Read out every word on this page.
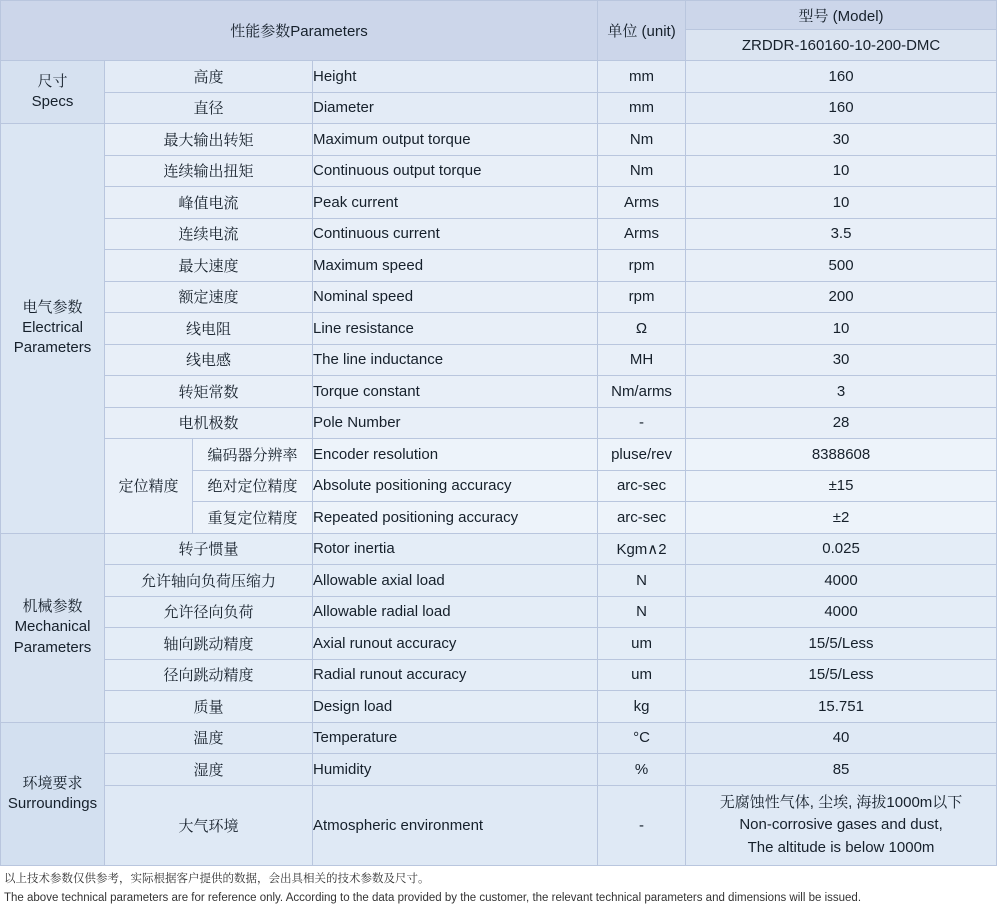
性能参数Parameters				单位 (unit)	型号 (Model)
					ZRDDR-160160-10-200-DMC

尺寸
Specs	高度		Height	mm	160
	直径		Diameter	mm	160

电气参数
Electrical
Parameters	最大输出转矩		Maximum output torque	Nm	30
	连续输出扭矩		Continuous output torque	Nm	10
	峰值电流		Peak current	Arms	10
	连续电流		Continuous current	Arms	3.5
	最大速度		Maximum speed	rpm	500
	额定速度		Nominal speed	rpm	200
	线电阻		Line resistance	Ω	10
	线电感		The line inductance	MH	30
	转矩常数		Torque constant	Nm/arms	3
	电机极数		Pole Number	-	28
	定位精度	编码器分辨率	Encoder resolution	pluse/rev	8388608
		绝对定位精度	Absolute positioning accuracy	arc-sec	±15
		重复定位精度	Repeated positioning accuracy	arc-sec	±2

机械参数
Mechanical
Parameters	转子惯量		Rotor inertia	Kgm∧2	0.025
	允许轴向负荷压缩力		Allowable axial load	N	4000
	允许径向负荷		Allowable radial load	N	4000
	轴向跳动精度		Axial runout accuracy	um	15/5/Less
	径向跳动精度		Radial runout accuracy	um	15/5/Less
	质量		Design load	kg	15.751

环境要求
Surroundings	温度		Temperature	°C	40
	湿度		Humidity	%	85
	大气环境		Atmospheric environment	-	无腐蚀性气体, 尘埃, 海拔1000m以下
Non-corrosive gases and dust,
The altitude is below 1000m
以上技术参数仅供参考，实际根据客户提供的数据，会出具相关的技术参数及尺寸。
The above technical parameters are for reference only. According to the data provided by the customer, the relevant technical parameters and dimensions will be issued.
